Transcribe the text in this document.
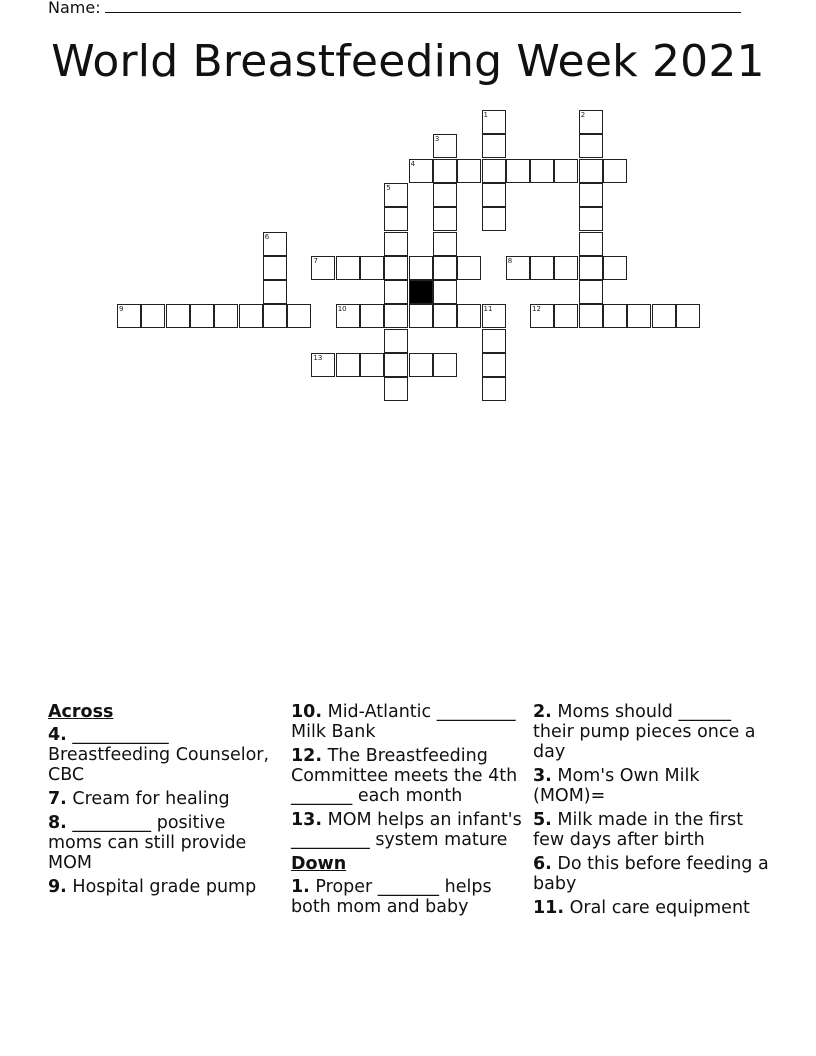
Name:
World Breastfeeding Week 2021
1	2
3
4
5
6
7	8
9	10	11	12
13
Across
4. ___________ Breastfeeding Counselor, CBC
7. Cream for healing
8. _________ positive moms can still provide MOM
9. Hospital grade pump
10. Mid-Atlantic _________ Milk Bank
12. The Breastfeeding Committee meets the 4th _______ each month
13. MOM helps an infant's _________ system mature
Down
1. Proper _______ helps both mom and baby
2. Moms should ______ their pump pieces once a day
3. Mom's Own Milk (MOM)=
5. Milk made in the first few days after birth
6. Do this before feeding a baby
11. Oral care equipment
